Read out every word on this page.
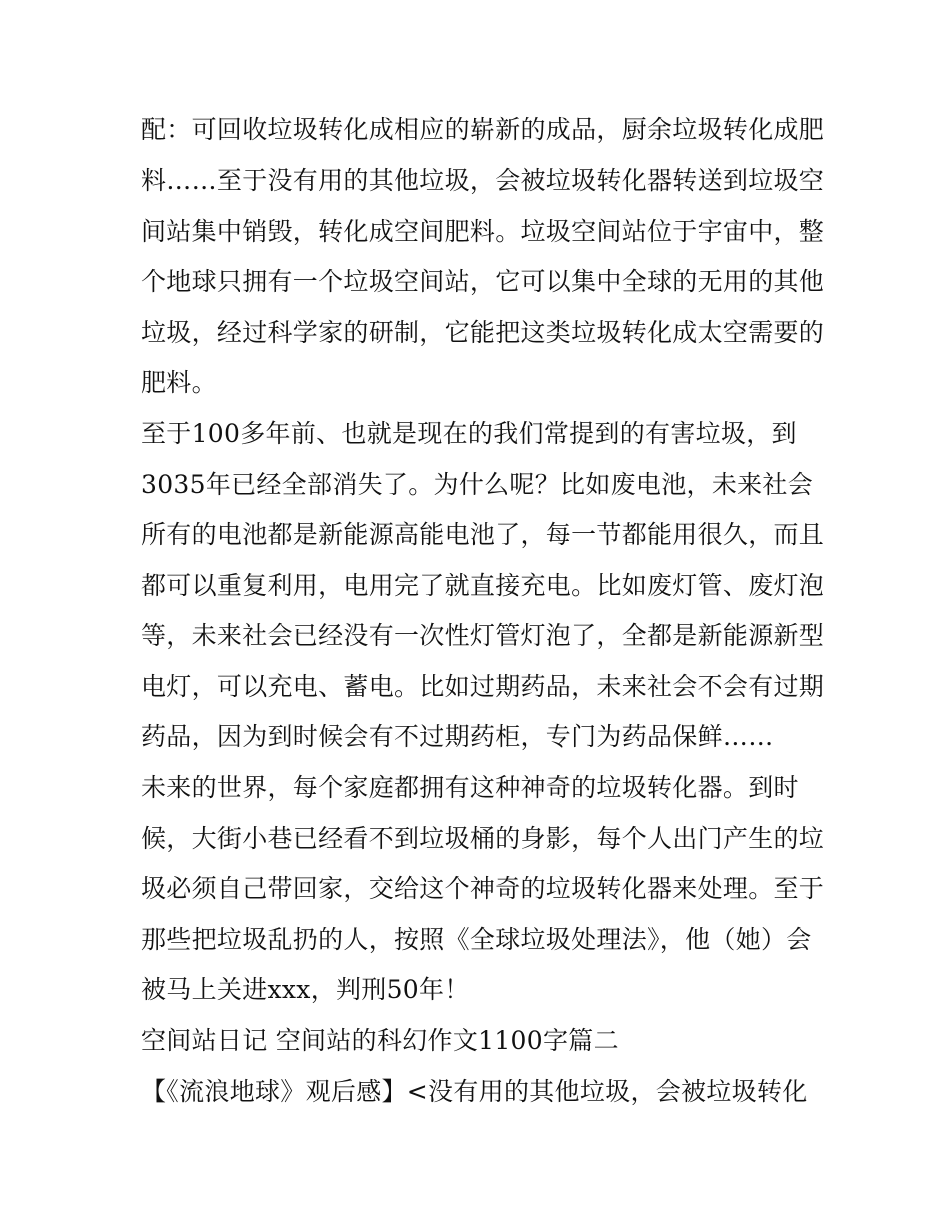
配：可回收垃圾转化成相应的崭新的成品，厨余垃圾转化成肥
料……至于没有用的其他垃圾，会被垃圾转化器转送到垃圾空
间站集中销毁，转化成空间肥料。垃圾空间站位于宇宙中，整
个地球只拥有一个垃圾空间站，它可以集中全球的无用的其他
垃圾，经过科学家的研制，它能把这类垃圾转化成太空需要的
肥料。
至于100多年前、也就是现在的我们常提到的有害垃圾，到
3035年已经全部消失了。为什么呢？比如废电池，未来社会
所有的电池都是新能源高能电池了，每一节都能用很久，而且
都可以重复利用，电用完了就直接充电。比如废灯管、废灯泡
等，未来社会已经没有一次性灯管灯泡了，全都是新能源新型
电灯，可以充电、蓄电。比如过期药品，未来社会不会有过期
药品，因为到时候会有不过期药柜，专门为药品保鲜……
未来的世界，每个家庭都拥有这种神奇的垃圾转化器。到时
候，大街小巷已经看不到垃圾桶的身影，每个人出门产生的垃
圾必须自己带回家，交给这个神奇的垃圾转化器来处理。至于
那些把垃圾乱扔的人，按照《全球垃圾处理法》，他（她）会
被马上关进xxx，判刑50年！
空间站日记 空间站的科幻作文1100字篇二
【《流浪地球》观后感】<没有用的其他垃圾，会被垃圾转化
